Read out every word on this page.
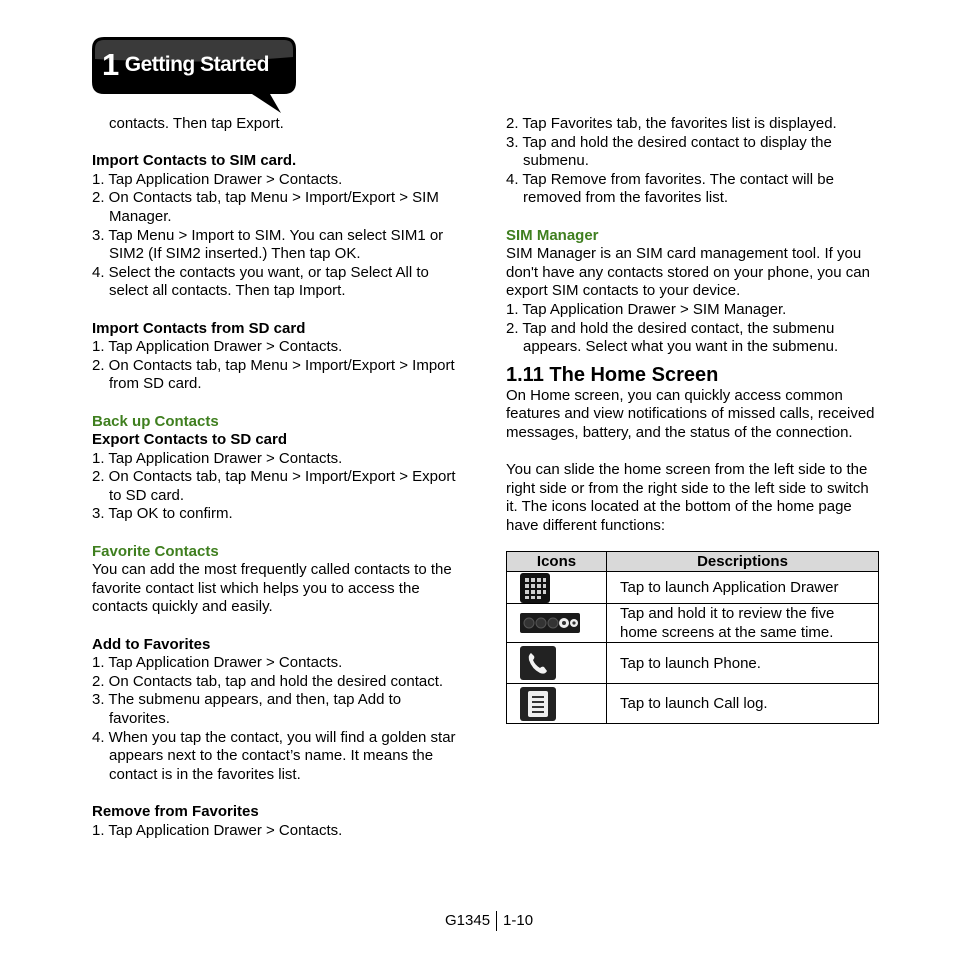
1 Getting Started

contacts. Then tap Export.

Import Contacts to SIM card.

1. Tap Application Drawer > Contacts.

2. On Contacts tab, tap Menu > Import/Export > SIM Manager.

3. Tap Menu > Import to SIM. You can select SIM1 or SIM2 (If SIM2 inserted.) Then tap OK.

4. Select the contacts you want, or tap Select All to select all contacts. Then tap Import.

Import Contacts from SD card

1. Tap Application Drawer > Contacts.

2. On Contacts tab, tap Menu > Import/Export > Import from SD card.

Back up Contacts

Export Contacts to SD card

1. Tap Application Drawer > Contacts.

2. On Contacts tab, tap Menu > Import/Export > Export to SD card.

3. Tap OK to confirm.

Favorite Contacts

You can add the most frequently called contacts to the favorite contact list which helps you to access the contacts quickly and easily.

Add to Favorites

1. Tap Application Drawer > Contacts.

2. On Contacts tab, tap and hold the desired contact.

3. The submenu appears, and then, tap Add to favorites.

4. When you tap the contact, you will find a golden star appears next to the contact’s name. It means the contact is in the favorites list.

Remove from Favorites

1. Tap Application Drawer > Contacts.

2. Tap Favorites tab, the favorites list is displayed.

3. Tap and hold the desired contact to display the submenu.

4. Tap Remove from favorites. The contact will be removed from the favorites list.

SIM Manager

SIM Manager is an SIM card management tool. If you don't have any contacts stored on your phone, you can export SIM contacts to your device.

1. Tap Application Drawer > SIM Manager.

2. Tap and hold the desired contact, the submenu appears. Select what you want in the submenu.

1.11 The Home Screen

On Home screen, you can quickly access common features and view notifications of missed calls, received messages, battery, and the status of the connection.

You can slide the home screen from the left side to the right side or from the right side to the left side to switch it. The icons located at the bottom of the home page have different functions:

Icons	Descriptions

	Tap to launch Application Drawer

	Tap and hold it to review the five home screens at the same time.

	Tap to launch Phone.

	Tap to launch Call log.
G1345 1-10
